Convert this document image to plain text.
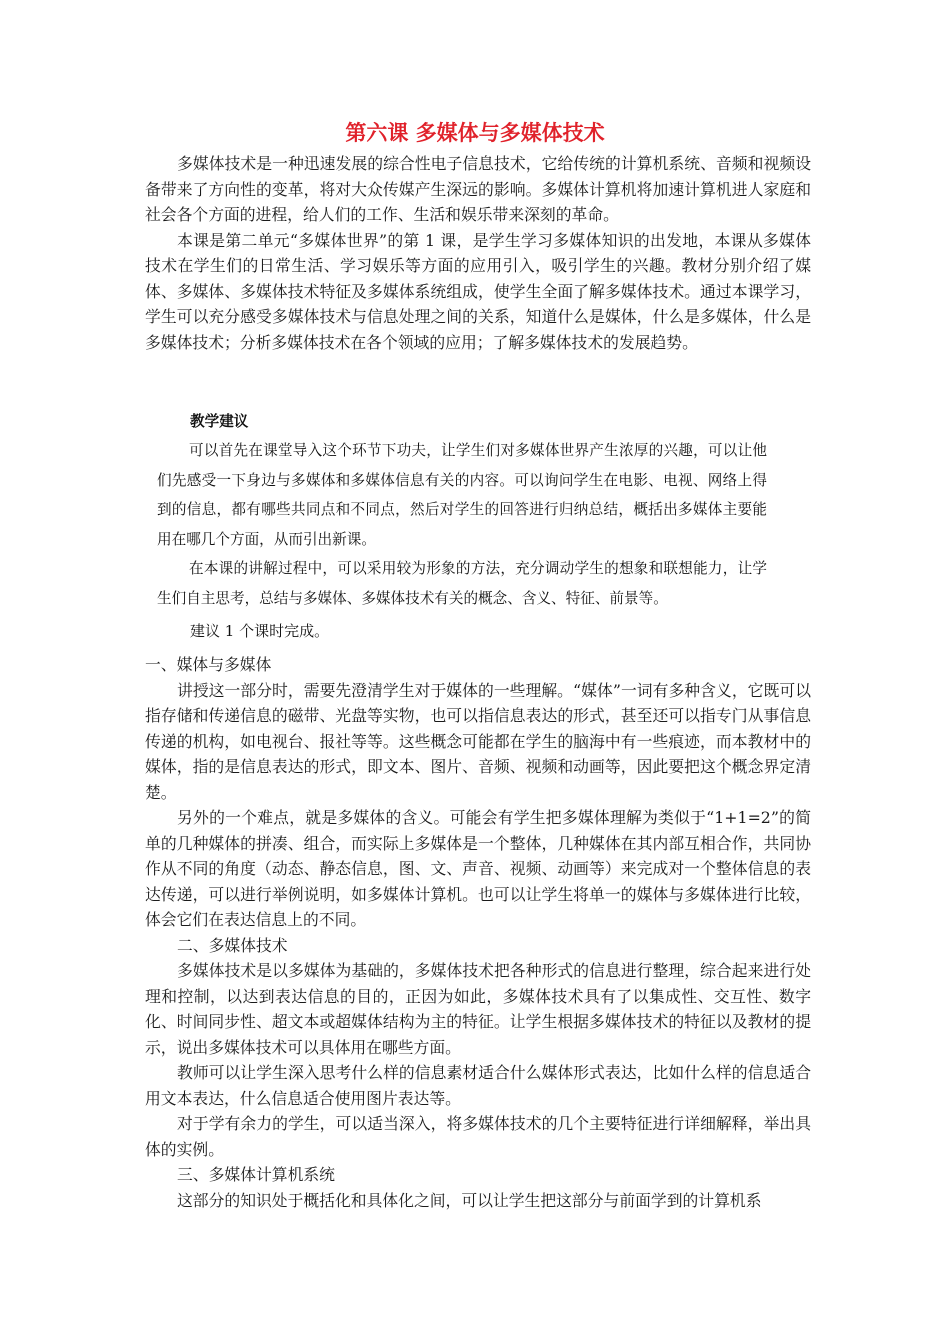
第六课 多媒体与多媒体技术

多媒体技术是一种迅速发展的综合性电子信息技术，它给传统的计算机系统、音频和视频设备带来了方向性的变革，将对大众传媒产生深远的影响。多媒体计算机将加速计算机进人家庭和社会各个方面的进程，给人们的工作、生活和娱乐带来深刻的革命。

本课是第二单元“多媒体世界”的第 1 课，是学生学习多媒体知识的出发地，本课从多媒体技术在学生们的日常生活、学习娱乐等方面的应用引入，吸引学生的兴趣。教材分别介绍了媒体、多媒体、多媒体技术特征及多媒体系统组成，使学生全面了解多媒体技术。通过本课学习，学生可以充分感受多媒体技术与信息处理之间的关系，知道什么是媒体，什么是多媒体，什么是多媒体技术；分析多媒体技术在各个领域的应用；了解多媒体技术的发展趋势。

教学建议

可以首先在课堂导入这个环节下功夫，让学生们对多媒体世界产生浓厚的兴趣，可以让他们先感受一下身边与多媒体和多媒体信息有关的内容。可以询问学生在电影、电视、网络上得到的信息，都有哪些共同点和不同点，然后对学生的回答进行归纳总结，概括出多媒体主要能用在哪几个方面，从而引出新课。

在本课的讲解过程中，可以采用较为形象的方法，充分调动学生的想象和联想能力，让学生们自主思考，总结与多媒体、多媒体技术有关的概念、含义、特征、前景等。

建议 1 个课时完成。

一、媒体与多媒体

讲授这一部分时，需要先澄清学生对于媒体的一些理解。“媒体”一词有多种含义，它既可以指存储和传递信息的磁带、光盘等实物，也可以指信息表达的形式，甚至还可以指专门从事信息传递的机构，如电视台、报社等等。这些概念可能都在学生的脑海中有一些痕迹，而本教材中的媒体，指的是信息表达的形式，即文本、图片、音频、视频和动画等，因此要把这个概念界定清楚。

另外的一个难点，就是多媒体的含义。可能会有学生把多媒体理解为类似于“1+1=2”的简单的几种媒体的拼凑、组合，而实际上多媒体是一个整体，几种媒体在其内部互相合作，共同协作从不同的角度（动态、静态信息，图、文、声音、视频、动画等）来完成对一个整体信息的表达传递，可以进行举例说明，如多媒体计算机。也可以让学生将单一的媒体与多媒体进行比较，体会它们在表达信息上的不同。

二、多媒体技术

多媒体技术是以多媒体为基础的，多媒体技术把各种形式的信息进行整理，综合起来进行处理和控制，以达到表达信息的目的，正因为如此，多媒体技术具有了以集成性、交互性、数字化、时间同步性、超文本或超媒体结构为主的特征。让学生根据多媒体技术的特征以及教材的提示，说出多媒体技术可以具体用在哪些方面。

教师可以让学生深入思考什么样的信息素材适合什么媒体形式表达，比如什么样的信息适合用文本表达，什么信息适合使用图片表达等。

对于学有余力的学生，可以适当深入，将多媒体技术的几个主要特征进行详细解释，举出具体的实例。

三、多媒体计算机系统

这部分的知识处于概括化和具体化之间，可以让学生把这部分与前面学到的计算机系
